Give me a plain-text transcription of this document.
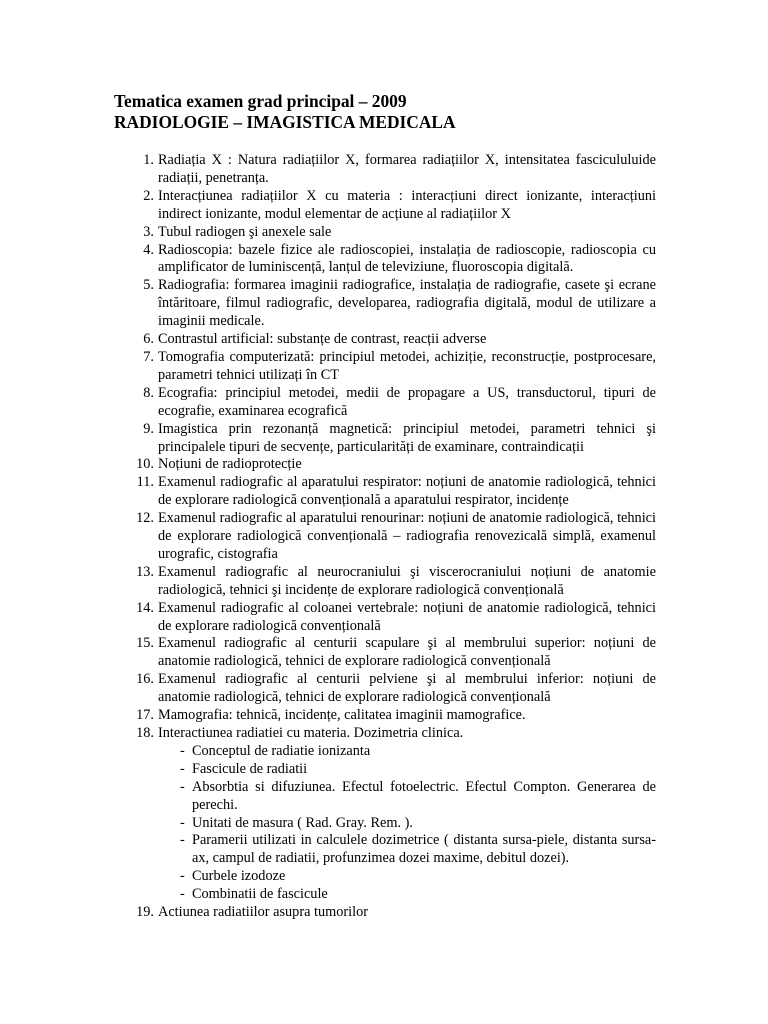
Tematica examen grad principal – 2009
RADIOLOGIE – IMAGISTICA MEDICALA
1. Radiația X : Natura radiațiilor X, formarea radiațiilor X, intensitatea fascicululuide radiații, penetranța.
2. Interacțiunea radiațiilor X cu materia : interacțiuni direct ionizante, interacțiuni indirect ionizante, modul elementar de acțiune al radiațiilor X
3. Tubul radiogen şi anexele sale
4. Radioscopia: bazele fizice ale radioscopiei, instalația de radioscopie, radioscopia cu amplificator de luminiscență, lanțul de televiziune, fluoroscopia digitală.
5. Radiografia: formarea imaginii radiografice, instalația de radiografie, casete şi ecrane întăritoare, filmul radiografic, developarea, radiografia digitală, modul de utilizare a imaginii medicale.
6. Contrastul artificial: substanțe de contrast, reacții adverse
7. Tomografia computerizată: principiul metodei, achiziție, reconstrucție, postprocesare, parametri tehnici utilizați în CT
8. Ecografia: principiul metodei, medii de propagare a US, transductorul, tipuri de ecografie, examinarea ecografică
9. Imagistica prin rezonanță magnetică: principiul metodei, parametri tehnici şi principalele tipuri de secvențe, particularități de examinare, contraindicații
10. Noțiuni de radioprotecție
11. Examenul radiografic al aparatului respirator: noțiuni de anatomie radiologică, tehnici de explorare radiologică convențională a aparatului respirator, incidențe
12. Examenul radiografic al aparatului renourinar: noțiuni de anatomie radiologică, tehnici de explorare radiologică convențională – radiografia renovezicală simplă, examenul urografic, cistografia
13. Examenul radiografic al neurocraniului şi viscerocraniului noțiuni de anatomie radiologică, tehnici şi incidențe de explorare radiologică convențională
14. Examenul radiografic al coloanei vertebrale: noțiuni de anatomie radiologică, tehnici de explorare radiologică convențională
15. Examenul radiografic al centurii scapulare şi al membrului superior: noțiuni de anatomie radiologică, tehnici de explorare radiologică convențională
16. Examenul radiografic al centurii pelviene şi al membrului inferior: noțiuni de anatomie radiologică, tehnici de explorare radiologică convențională
17. Mamografia: tehnică, incidențe, calitatea imaginii mamografice.
18. Interactiunea radiatiei cu materia. Dozimetria clinica.
- Conceptul de radiatie ionizanta
- Fascicule de radiatii
- Absorbtia si difuziunea. Efectul fotoelectric. Efectul Compton. Generarea de perechi.
- Unitati de masura ( Rad. Gray. Rem. ).
- Paramerii utilizati in calculele dozimetrice ( distanta sursa-piele, distanta sursa-ax, campul de radiatii, profunzimea dozei maxime, debitul dozei).
- Curbele izodoze
- Combinatii de fascicule
19. Actiunea radiatiilor asupra tumorilor
